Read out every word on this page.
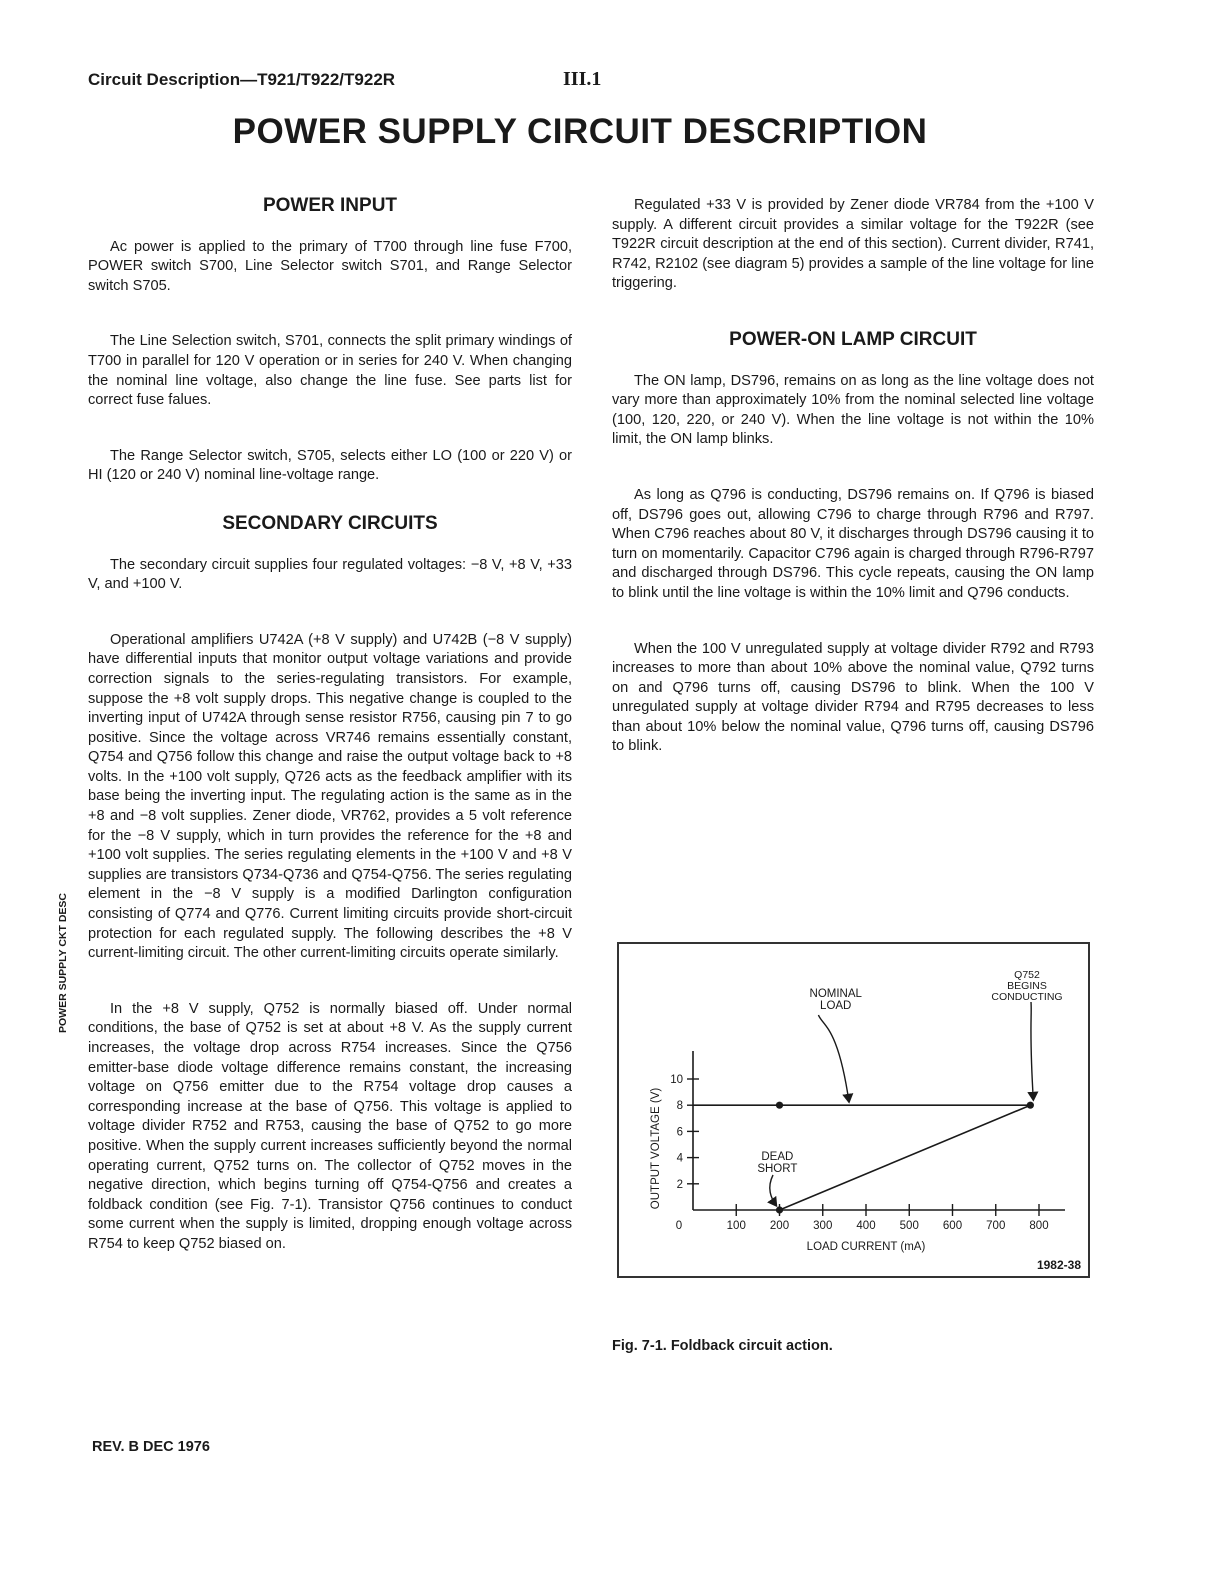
Circuit Description—T921/T922/T922R	III.1
POWER SUPPLY CIRCUIT DESCRIPTION
POWER INPUT

Ac power is applied to the primary of T700 through line fuse F700, POWER switch S700, Line Selector switch S701, and Range Selector switch S705.

The Line Selection switch, S701, connects the split primary windings of T700 in parallel for 120 V operation or in series for 240 V. When changing the nominal line voltage, also change the line fuse. See parts list for correct fuse falues.

The Range Selector switch, S705, selects either LO (100 or 220 V) or HI (120 or 240 V) nominal line-voltage range.

SECONDARY CIRCUITS

The secondary circuit supplies four regulated voltages: −8 V, +8 V, +33 V, and +100 V.

Operational amplifiers U742A (+8 V supply) and U742B (−8 V supply) have differential inputs that monitor output voltage variations and provide correction signals to the series-regulating transistors. For example, suppose the +8 volt supply drops. This negative change is coupled to the inverting input of U742A through sense resistor R756, causing pin 7 to go positive. Since the voltage across VR746 remains essentially constant, Q754 and Q756 follow this change and raise the output voltage back to +8 volts. In the +100 volt supply, Q726 acts as the feedback amplifier with its base being the inverting input. The regulating action is the same as in the +8 and −8 volt supplies. Zener diode, VR762, provides a 5 volt reference for the −8 V supply, which in turn provides the reference for the +8 and +100 volt supplies. The series regulating elements in the +100 V and +8 V supplies are transistors Q734-Q736 and Q754-Q756. The series regulating element in the −8 V supply is a modified Darlington configuration consisting of Q774 and Q776. Current limiting circuits provide short-circuit protection for each regulated supply. The following describes the +8 V current-limiting circuit. The other current-limiting circuits operate similarly.

In the +8 V supply, Q752 is normally biased off. Under normal conditions, the base of Q752 is set at about +8 V. As the supply current increases, the voltage drop across R754 increases. Since the Q756 emitter-base diode voltage difference remains constant, the increasing voltage on Q756 emitter due to the R754 voltage drop causes a corresponding increase at the base of Q756. This voltage is applied to voltage divider R752 and R753, causing the base of Q752 to go more positive. When the supply current increases sufficiently beyond the normal operating current, Q752 turns on. The collector of Q752 moves in the negative direction, which begins turning off Q754-Q756 and creates a foldback condition (see Fig. 7-1). Transistor Q756 continues to conduct some current when the supply is limited, dropping enough voltage across R754 to keep Q752 biased on.

Regulated +33 V is provided by Zener diode VR784 from the +100 V supply. A different circuit provides a similar voltage for the T922R (see T922R circuit description at the end of this section). Current divider, R741, R742, R2102 (see diagram 5) provides a sample of the line voltage for line triggering.

POWER-ON LAMP CIRCUIT

The ON lamp, DS796, remains on as long as the line voltage does not vary more than approximately 10% from the nominal selected line voltage (100, 120, 220, or 240 V). When the line voltage is not within the 10% limit, the ON lamp blinks.

As long as Q796 is conducting, DS796 remains on. If Q796 is biased off, DS796 goes out, allowing C796 to charge through R796 and R797. When C796 reaches about 80 V, it discharges through DS796 causing it to turn on momentarily. Capacitor C796 again is charged through R796-R797 and discharged through DS796. This cycle repeats, causing the ON lamp to blink until the line voltage is within the 10% limit and Q796 conducts.

When the 100 V unregulated supply at voltage divider R792 and R793 increases to more than about 10% above the nominal value, Q792 turns on and Q796 turns off, causing DS796 to blink. When the 100 V unregulated supply at voltage divider R794 and R795 decreases to less than about 10% below the nominal value, Q796 turns off, causing DS796 to blink.

0	100 200 300 400 500 600 700 800
2
4
6
8
10
LOAD CURRENT (mA)
OUTPUT VOLTAGE (V)
NOMINAL
LOAD
Q752
BEGINS
CONDUCTING
DEAD
SHORT
1982-38
Fig. 7-1. Foldback circuit action.
REV. B DEC 1976
POWER SUPPLY CKT DESC
